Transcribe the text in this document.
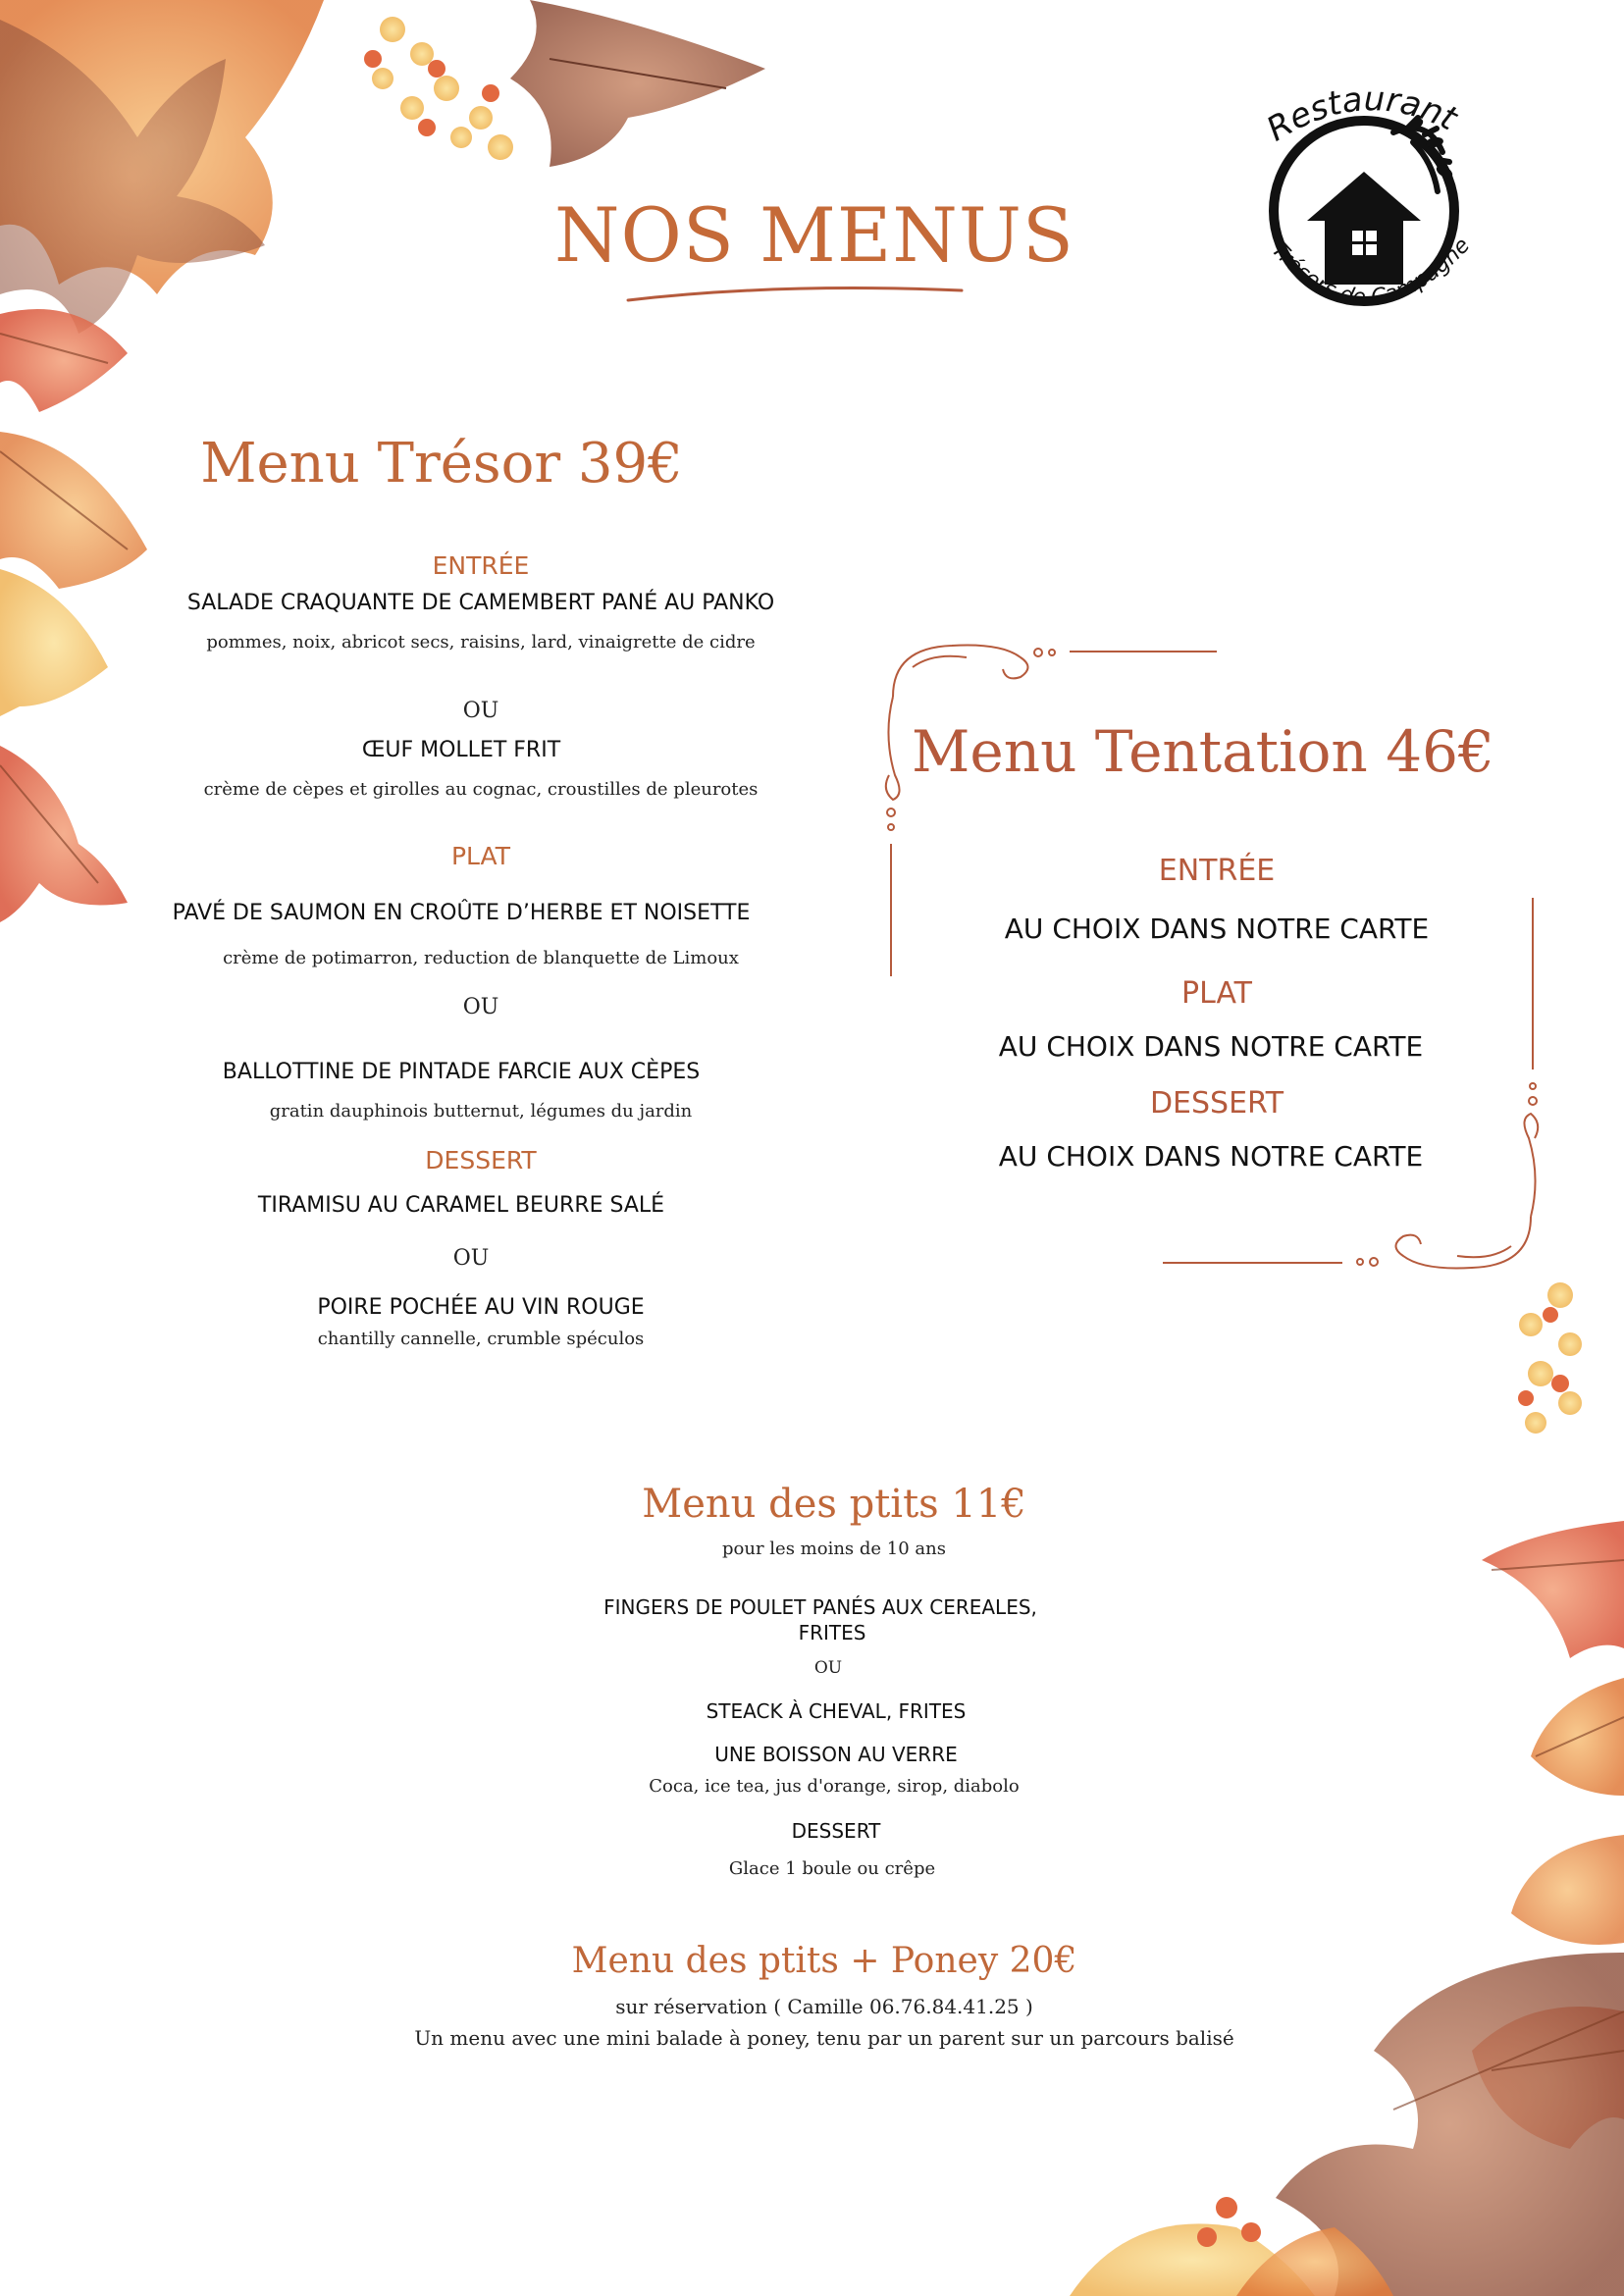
NOS MENUS
Restaurant
Trésors de Campagne
Menu Trésor 39€
ENTRÉE
SALADE CRAQUANTE DE CAMEMBERT PANÉ AU PANKO
pommes, noix, abricot secs, raisins, lard, vinaigrette de cidre
OU
ŒUF MOLLET FRIT
crème de cèpes et girolles au cognac, croustilles de pleurotes
PLAT
PAVÉ DE SAUMON EN CROÛTE D’HERBE ET NOISETTE
crème de potimarron, reduction de blanquette de Limoux
OU
BALLOTTINE DE PINTADE FARCIE AUX CÈPES
gratin dauphinois butternut, légumes du jardin
DESSERT
TIRAMISU AU CARAMEL BEURRE SALÉ
OU
POIRE POCHÉE AU VIN ROUGE
chantilly cannelle, crumble spéculos
Menu Tentation 46€
ENTRÉE
AU CHOIX DANS NOTRE CARTE
PLAT
AU CHOIX DANS NOTRE CARTE
DESSERT
AU CHOIX DANS NOTRE CARTE
Menu des ptits 11€
pour les moins de 10 ans
FINGERS DE POULET PANÉS AUX CEREALES,
FRITES
OU
STEACK À CHEVAL, FRITES
UNE BOISSON AU VERRE
Coca, ice tea, jus d'orange, sirop, diabolo
DESSERT
Glace 1 boule ou crêpe
Menu des ptits + Poney 20€
sur réservation ( Camille 06.76.84.41.25 )
Un menu avec une mini balade à poney, tenu par un parent sur un parcours balisé
